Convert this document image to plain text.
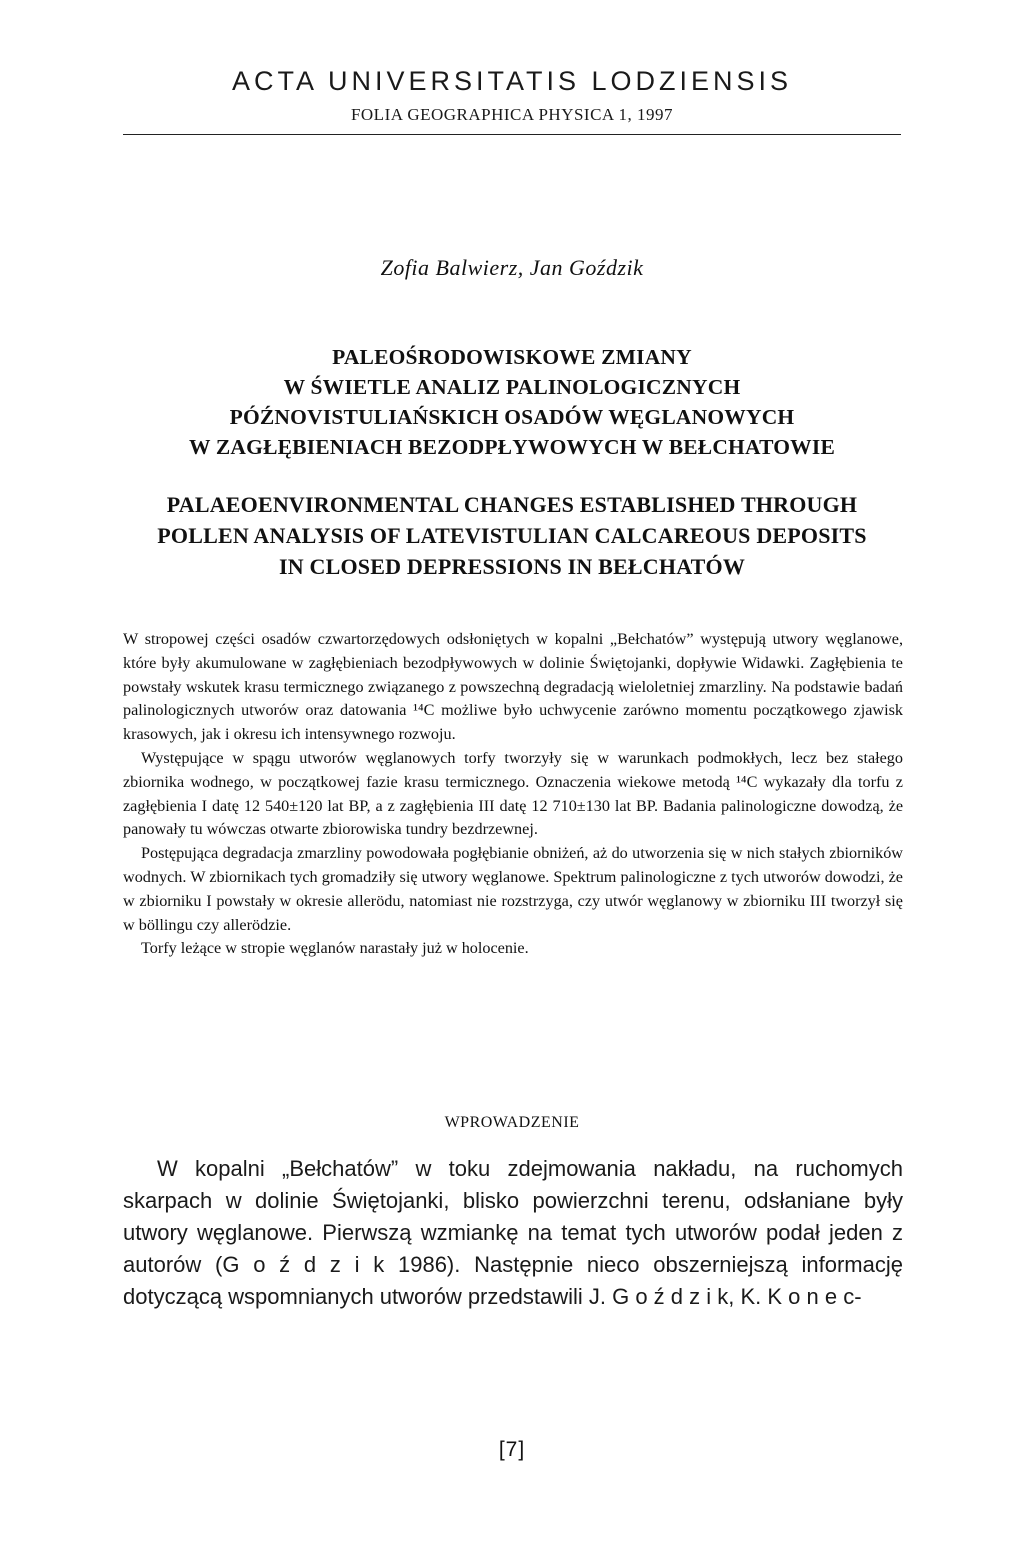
ACTA UNIVERSITATIS LODZIENSIS
FOLIA GEOGRAPHICA PHYSICA 1, 1997
Zofia Balwierz, Jan Goździk
PALEOŚRODOWISKOWE ZMIANY
W ŚWIETLE ANALIZ PALINOLOGICZNYCH
PÓŹNOVISTULIAŃSKICH OSADÓW WĘGLANOWYCH
W ZAGŁĘBIENIACH BEZODPŁYWOWYCH W BEŁCHATOWIE
PALAEOENVIRONMENTAL CHANGES ESTABLISHED THROUGH
POLLEN ANALYSIS OF LATEVISTULIAN CALCAREOUS DEPOSITS
IN CLOSED DEPRESSIONS IN BEŁCHATÓW

W stropowej części osadów czwartorzędowych odsłoniętych w kopalni „Bełchatów” występują utwory węglanowe, które były akumulowane w zagłębieniach bezodpływowych w dolinie Świętojanki, dopływie Widawki. Zagłębienia te powstały wskutek krasu termicznego związanego z powszechną degradacją wieloletniej zmarzliny. Na podstawie badań palinologicznych utworów oraz datowania ¹⁴C możliwe było uchwycenie zarówno momentu początkowego zjawisk krasowych, jak i okresu ich intensywnego rozwoju.

Występujące w spągu utworów węglanowych torfy tworzyły się w warunkach podmokłych, lecz bez stałego zbiornika wodnego, w początkowej fazie krasu termicznego. Oznaczenia wiekowe metodą ¹⁴C wykazały dla torfu z zagłębienia I datę 12 540±120 lat BP, a z zagłębienia III datę 12 710±130 lat BP. Badania palinologiczne dowodzą, że panowały tu wówczas otwarte zbiorowiska tundry bezdrzewnej.

Postępująca degradacja zmarzliny powodowała pogłębianie obniżeń, aż do utworzenia się w nich stałych zbiorników wodnych. W zbiornikach tych gromadziły się utwory węglanowe. Spektrum palinologiczne z tych utworów dowodzi, że w zbiorniku I powstały w okresie allerödu, natomiast nie rozstrzyga, czy utwór węglanowy w zbiorniku III tworzył się w böllingu czy allerödzie.

Torfy leżące w stropie węglanów narastały już w holocenie.

WPROWADZENIE
W kopalni „Bełchatów” w toku zdejmowania nakładu, na ruchomych skarpach w dolinie Świętojanki, blisko powierzchni terenu, odsłaniane były utwory węglanowe. Pierwszą wzmiankę na temat tych utworów podał jeden z autorów (G o ź d z i k 1986). Następnie nieco obszerniejszą informację dotyczącą wspomnianych utworów przedstawili J. G o ź d z i k, K. K o n e c-
[7]
